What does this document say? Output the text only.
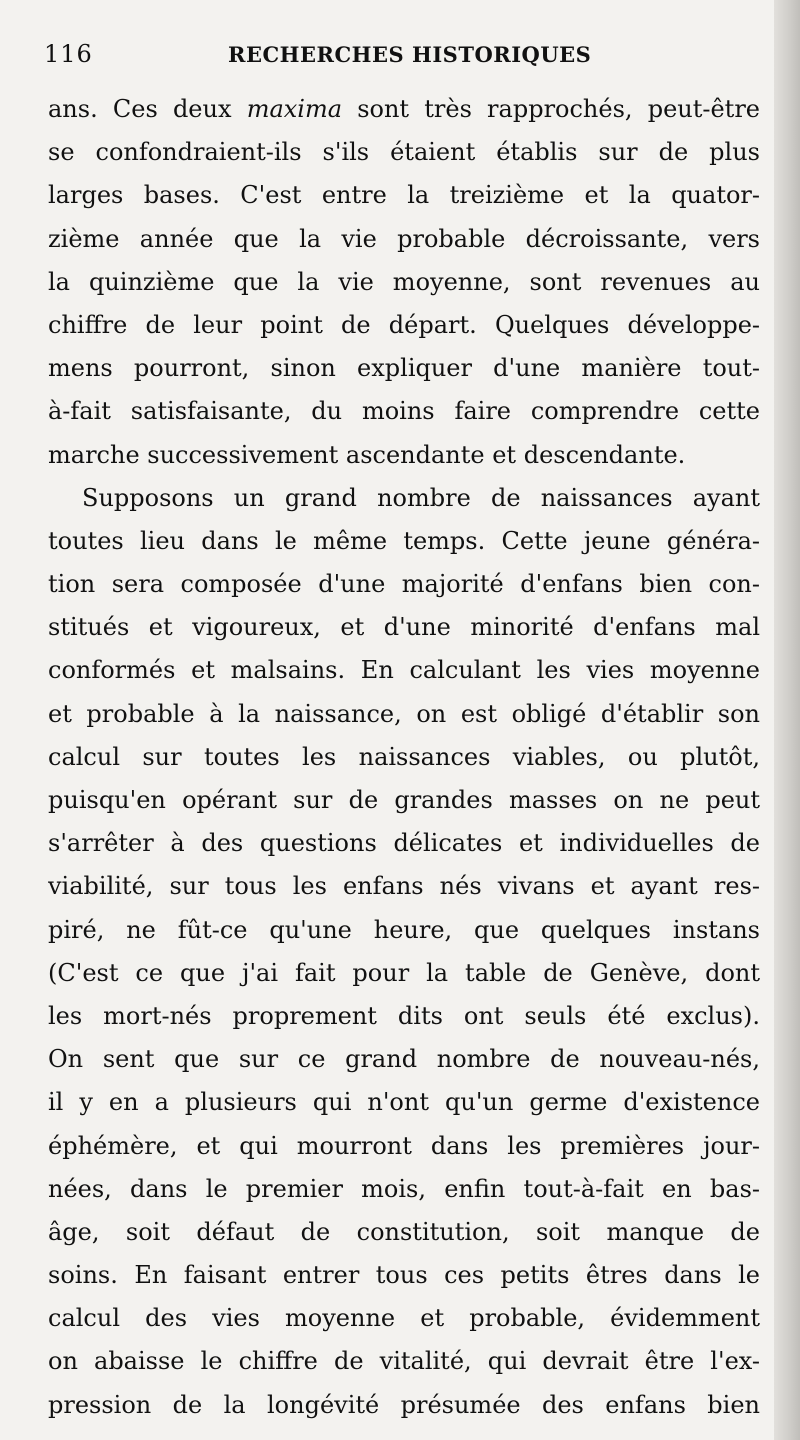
116	RECHERCHES HISTORIQUES
ans. Ces deux maxima sont très rapprochés, peut-être
se confondraient-ils s'ils étaient établis sur de plus
larges bases. C'est entre la treizième et la quator-
zième année que la vie probable décroissante, vers
la quinzième que la vie moyenne, sont revenues au
chiffre de leur point de départ. Quelques développe-
mens pourront, sinon expliquer d'une manière tout-
à-fait satisfaisante, du moins faire comprendre cette
marche successivement ascendante et descendante.
Supposons un grand nombre de naissances ayant
toutes lieu dans le même temps. Cette jeune généra-
tion sera composée d'une majorité d'enfans bien con-
stitués et vigoureux, et d'une minorité d'enfans mal
conformés et malsains. En calculant les vies moyenne
et probable à la naissance, on est obligé d'établir son
calcul sur toutes les naissances viables, ou plutôt,
puisqu'en opérant sur de grandes masses on ne peut
s'arrêter à des questions délicates et individuelles de
viabilité, sur tous les enfans nés vivans et ayant res-
piré, ne fût-ce qu'une heure, que quelques instans
(C'est ce que j'ai fait pour la table de Genève, dont
les mort-nés proprement dits ont seuls été exclus).
On sent que sur ce grand nombre de nouveau-nés,
il y en a plusieurs qui n'ont qu'un germe d'existence
éphémère, et qui mourront dans les premières jour-
nées, dans le premier mois, enfin tout-à-fait en bas-
âge, soit défaut de constitution, soit manque de
soins. En faisant entrer tous ces petits êtres dans le
calcul des vies moyenne et probable, évidemment
on abaisse le chiffre de vitalité, qui devrait être l'ex-
pression de la longévité présumée des enfans bien
